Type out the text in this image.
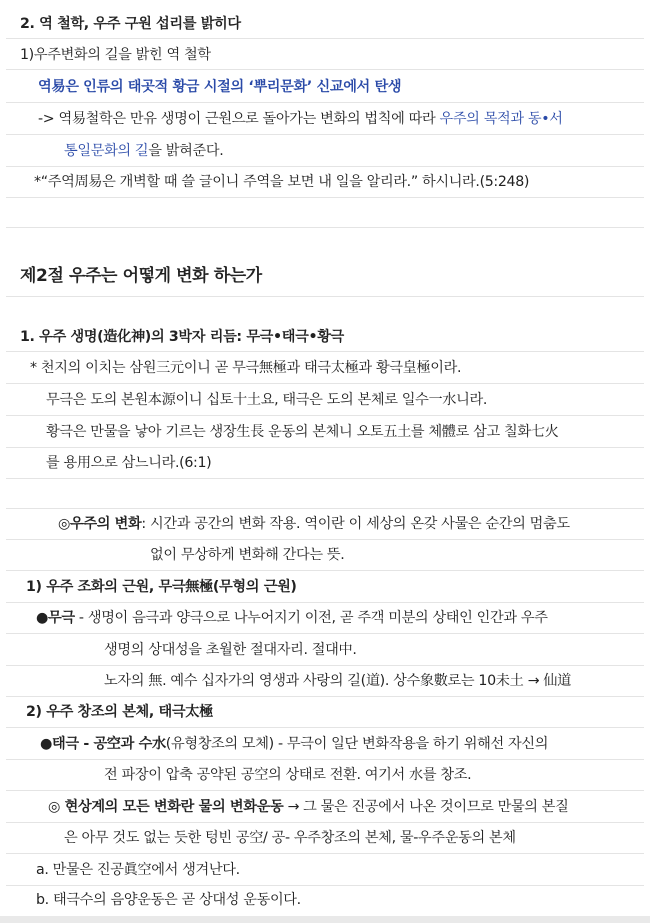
2. 역 철학, 우주 구원 섭리를 밝히다
1)우주변화의 길을 밝힌 역 철학
역易은 인류의 태곳적 황금 시절의 ‘뿌리문화’ 신교에서 탄생
-> 역易철학은 만유 생명이 근원으로 돌아가는 변화의 법칙에 따라 우주의 목적과 동•서
통일문화의 길을 밝혀준다.
*“주역周易은 개벽할 때 쓸 글이니 주역을 보면 내 일을 알리라.” 하시니라.(5:248)
제2절 우주는 어떻게 변화 하는가
1. 우주 생명(造化神)의 3박자 리듬: 무극•태극•황극
* 천지의 이치는 삼원三元이니 곧 무극無極과 태극太極과 황극皇極이라.
무극은 도의 본원本源이니 십토十土요, 태극은 도의 본체로 일수一水니라.
황극은 만물을 낳아 기르는 생장生長 운동의 본체니 오토五土를 체體로 삼고 칠화七火
를 용用으로 삼느니라.(6:1)
◎우주의 변화: 시간과 공간의 변화 작용. 역이란 이 세상의 온갖 사물은 순간의 멈춤도
없이 무상하게 변화해 간다는 뜻.
1) 우주 조화의 근원, 무극無極(무형의 근원)
●무극 - 생명이 음극과 양극으로 나누어지기 이전, 곧 주객 미분의 상태인 인간과 우주
생명의 상대성을 초월한 절대자리. 절대中.
노자의 無. 예수 십자가의 영생과 사랑의 길(道). 상수象數로는 10未土 → 仙道
2) 우주 창조의 본체, 태극太極
●태극 - 공空과 수水(유형창조의 모체) - 무극이 일단 변화작용을 하기 위해선 자신의
전 파장이 압축 공약된 공空의 상태로 전환. 여기서 水를 창조.
◎ 현상계의 모든 변화란 물의 변화운동 → 그 물은 진공에서 나온 것이므로 만물의 본질
은 아무 것도 없는 듯한 텅빈 공空/ 공- 우주창조의 본체, 물-우주운동의 본체
a. 만물은 진공眞空에서 생겨난다.
b. 태극수의 음양운동은 곧 상대성 운동이다.
